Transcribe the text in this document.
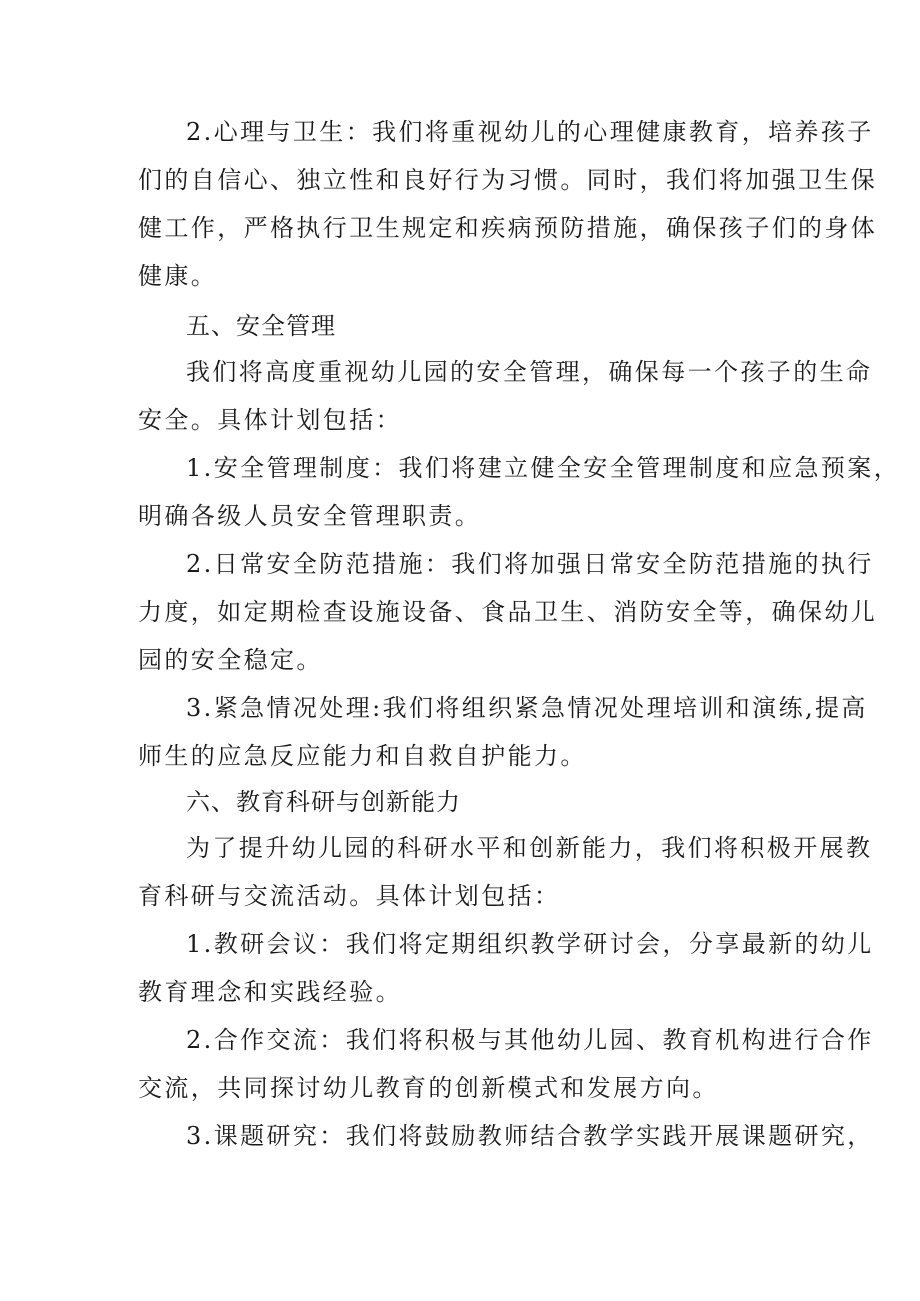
2.心理与卫生：我们将重视幼儿的心理健康教育，培养孩子
们的自信心、独立性和良好行为习惯。同时，我们将加强卫生保
健工作，严格执行卫生规定和疾病预防措施，确保孩子们的身体
健康。
五、安全管理
我们将高度重视幼儿园的安全管理，确保每一个孩子的生命
安全。具体计划包括：
1.安全管理制度：我们将建立健全安全管理制度和应急预案，
明确各级人员安全管理职责。
2.日常安全防范措施：我们将加强日常安全防范措施的执行
力度，如定期检查设施设备、食品卫生、消防安全等，确保幼儿
园的安全稳定。
3.紧急情况处理:我们将组织紧急情况处理培训和演练,提高
师生的应急反应能力和自救自护能力。
六、教育科研与创新能力
为了提升幼儿园的科研水平和创新能力，我们将积极开展教
育科研与交流活动。具体计划包括：
1.教研会议：我们将定期组织教学研讨会，分享最新的幼儿
教育理念和实践经验。
2.合作交流：我们将积极与其他幼儿园、教育机构进行合作
交流，共同探讨幼儿教育的创新模式和发展方向。
3.课题研究：我们将鼓励教师结合教学实践开展课题研究，
